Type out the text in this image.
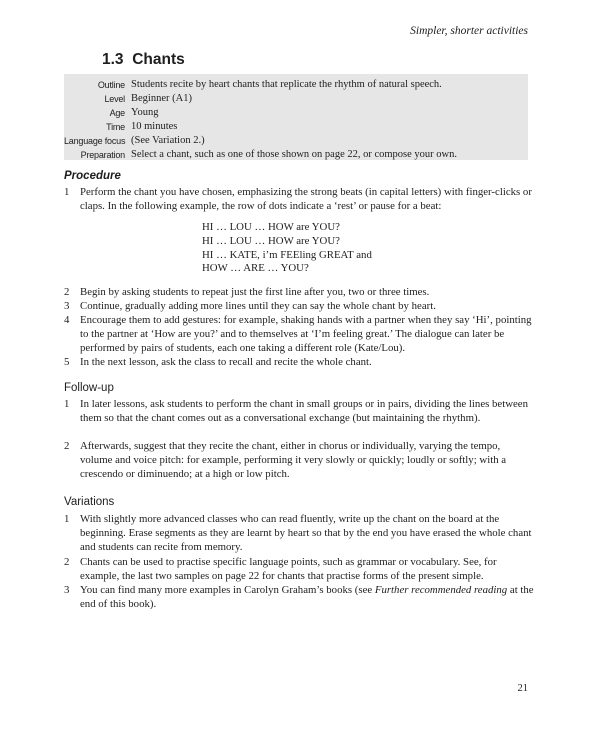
Simpler, shorter activities
1.3 Chants
Outline Students recite by heart chants that replicate the rhythm of natural speech.
Level Beginner (A1)
Age Young
Time 10 minutes
Language focus (See Variation 2.)
Preparation Select a chant, such as one of those shown on page 22, or compose your own.
Procedure
1 Perform the chant you have chosen, emphasizing the strong beats (in capital letters) with finger-clicks or claps. In the following example, the row of dots indicate a ‘rest’ or pause for a beat:
HI … LOU … HOW are YOU?
HI … LOU … HOW are YOU?
HI … KATE, i’m FEEling GREAT and
HOW … ARE … YOU?
2 Begin by asking students to repeat just the first line after you, two or three times.
3 Continue, gradually adding more lines until they can say the whole chant by heart.
4 Encourage them to add gestures: for example, shaking hands with a partner when they say ‘Hi’, pointing to the partner at ‘How are you?’ and to themselves at ‘I’m feeling great.’ The dialogue can later be performed by pairs of students, each one taking a different role (Kate/Lou).
5 In the next lesson, ask the class to recall and recite the whole chant.
Follow-up
1 In later lessons, ask students to perform the chant in small groups or in pairs, dividing the lines between them so that the chant comes out as a conversational exchange (but maintaining the rhythm).
2 Afterwards, suggest that they recite the chant, either in chorus or individually, varying the tempo, volume and voice pitch: for example, performing it very slowly or quickly; loudly or softly; with a crescendo or diminuendo; at a high or low pitch.
Variations
1 With slightly more advanced classes who can read fluently, write up the chant on the board at the beginning. Erase segments as they are learnt by heart so that by the end you have erased the whole chant and students can recite from memory.
2 Chants can be used to practise specific language points, such as grammar or vocabulary. See, for example, the last two samples on page 22 for chants that practise forms of the present simple.
3 You can find many more examples in Carolyn Graham’s books (see Further recommended reading at the end of this book).
21
